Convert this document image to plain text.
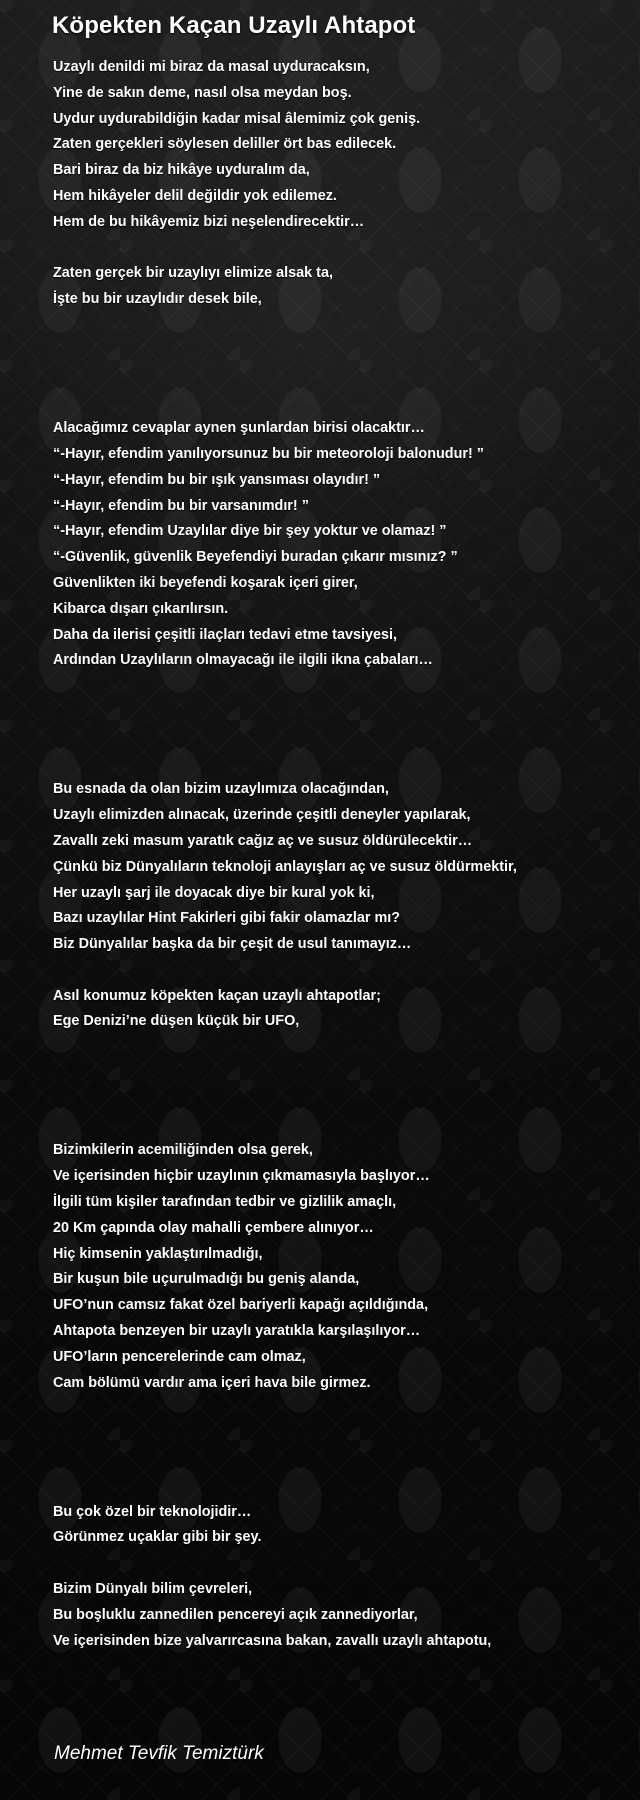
Köpekten Kaçan Uzaylı Ahtapot
Uzaylı denildi mi biraz da masal uyduracaksın,
Yine de sakın deme, nasıl olsa meydan boş.
Uydur uydurabildiğin kadar misal âlemimiz çok geniş.
Zaten gerçekleri söylesen deliller ört bas edilecek.
Bari biraz da biz hikâye uyduralım da,
Hem hikâyeler delil değildir yok edilemez.
Hem de bu hikâyemiz bizi neşelendirecektir…
Zaten gerçek bir uzaylıyı elimize alsak ta,
İşte bu bir uzaylıdır desek bile,
Alacağımız cevaplar aynen şunlardan birisi olacaktır…
“-Hayır, efendim yanılıyorsunuz bu bir meteoroloji balonudur! ”
“-Hayır, efendim bu bir ışık yansıması olayıdır! ”
“-Hayır, efendim bu bir varsanımdır! ”
“-Hayır, efendim Uzaylılar diye bir şey yoktur ve olamaz! ”
“-Güvenlik, güvenlik Beyefendiyi buradan çıkarır mısınız? ”
Güvenlikten iki beyefendi koşarak içeri girer,
Kibarca dışarı çıkarılırsın.
Daha da ilerisi çeşitli ilaçları tedavi etme tavsiyesi,
Ardından Uzaylıların olmayacağı ile ilgili ikna çabaları…
Bu esnada da olan bizim uzaylımıza olacağından,
Uzaylı elimizden alınacak, üzerinde çeşitli deneyler yapılarak,
Zavallı zeki masum yaratık cağız aç ve susuz öldürülecektir…
Çünkü biz Dünyalıların teknoloji anlayışları aç ve susuz öldürmektir,
Her uzaylı şarj ile doyacak diye bir kural yok ki,
Bazı uzaylılar Hint Fakirleri gibi fakir olamazlar mı?
Biz Dünyalılar başka da bir çeşit de usul tanımayız…
Asıl konumuz köpekten kaçan uzaylı ahtapotlar;
Ege Denizi’ne düşen küçük bir UFO,
Bizimkilerin acemiliğinden olsa gerek,
Ve içerisinden hiçbir uzaylının çıkmamasıyla başlıyor…
İlgili tüm kişiler tarafından tedbir ve gizlilik amaçlı,
20 Km çapında olay mahalli çembere alınıyor…
Hiç kimsenin yaklaştırılmadığı,
Bir kuşun bile uçurulmadığı bu geniş alanda,
UFO’nun camsız fakat özel bariyerli kapağı açıldığında,
Ahtapota benzeyen bir uzaylı yaratıkla karşılaşılıyor…
UFO’ların pencerelerinde cam olmaz,
Cam bölümü vardır ama içeri hava bile girmez.
Bu çok özel bir teknolojidir…
Görünmez uçaklar gibi bir şey.
Bizim Dünyalı bilim çevreleri,
Bu boşluklu zannedilen pencereyi açık zannediyorlar,
Ve içerisinden bize yalvarırcasına bakan, zavallı uzaylı ahtapotu,
Mehmet Tevfik Temiztürk
